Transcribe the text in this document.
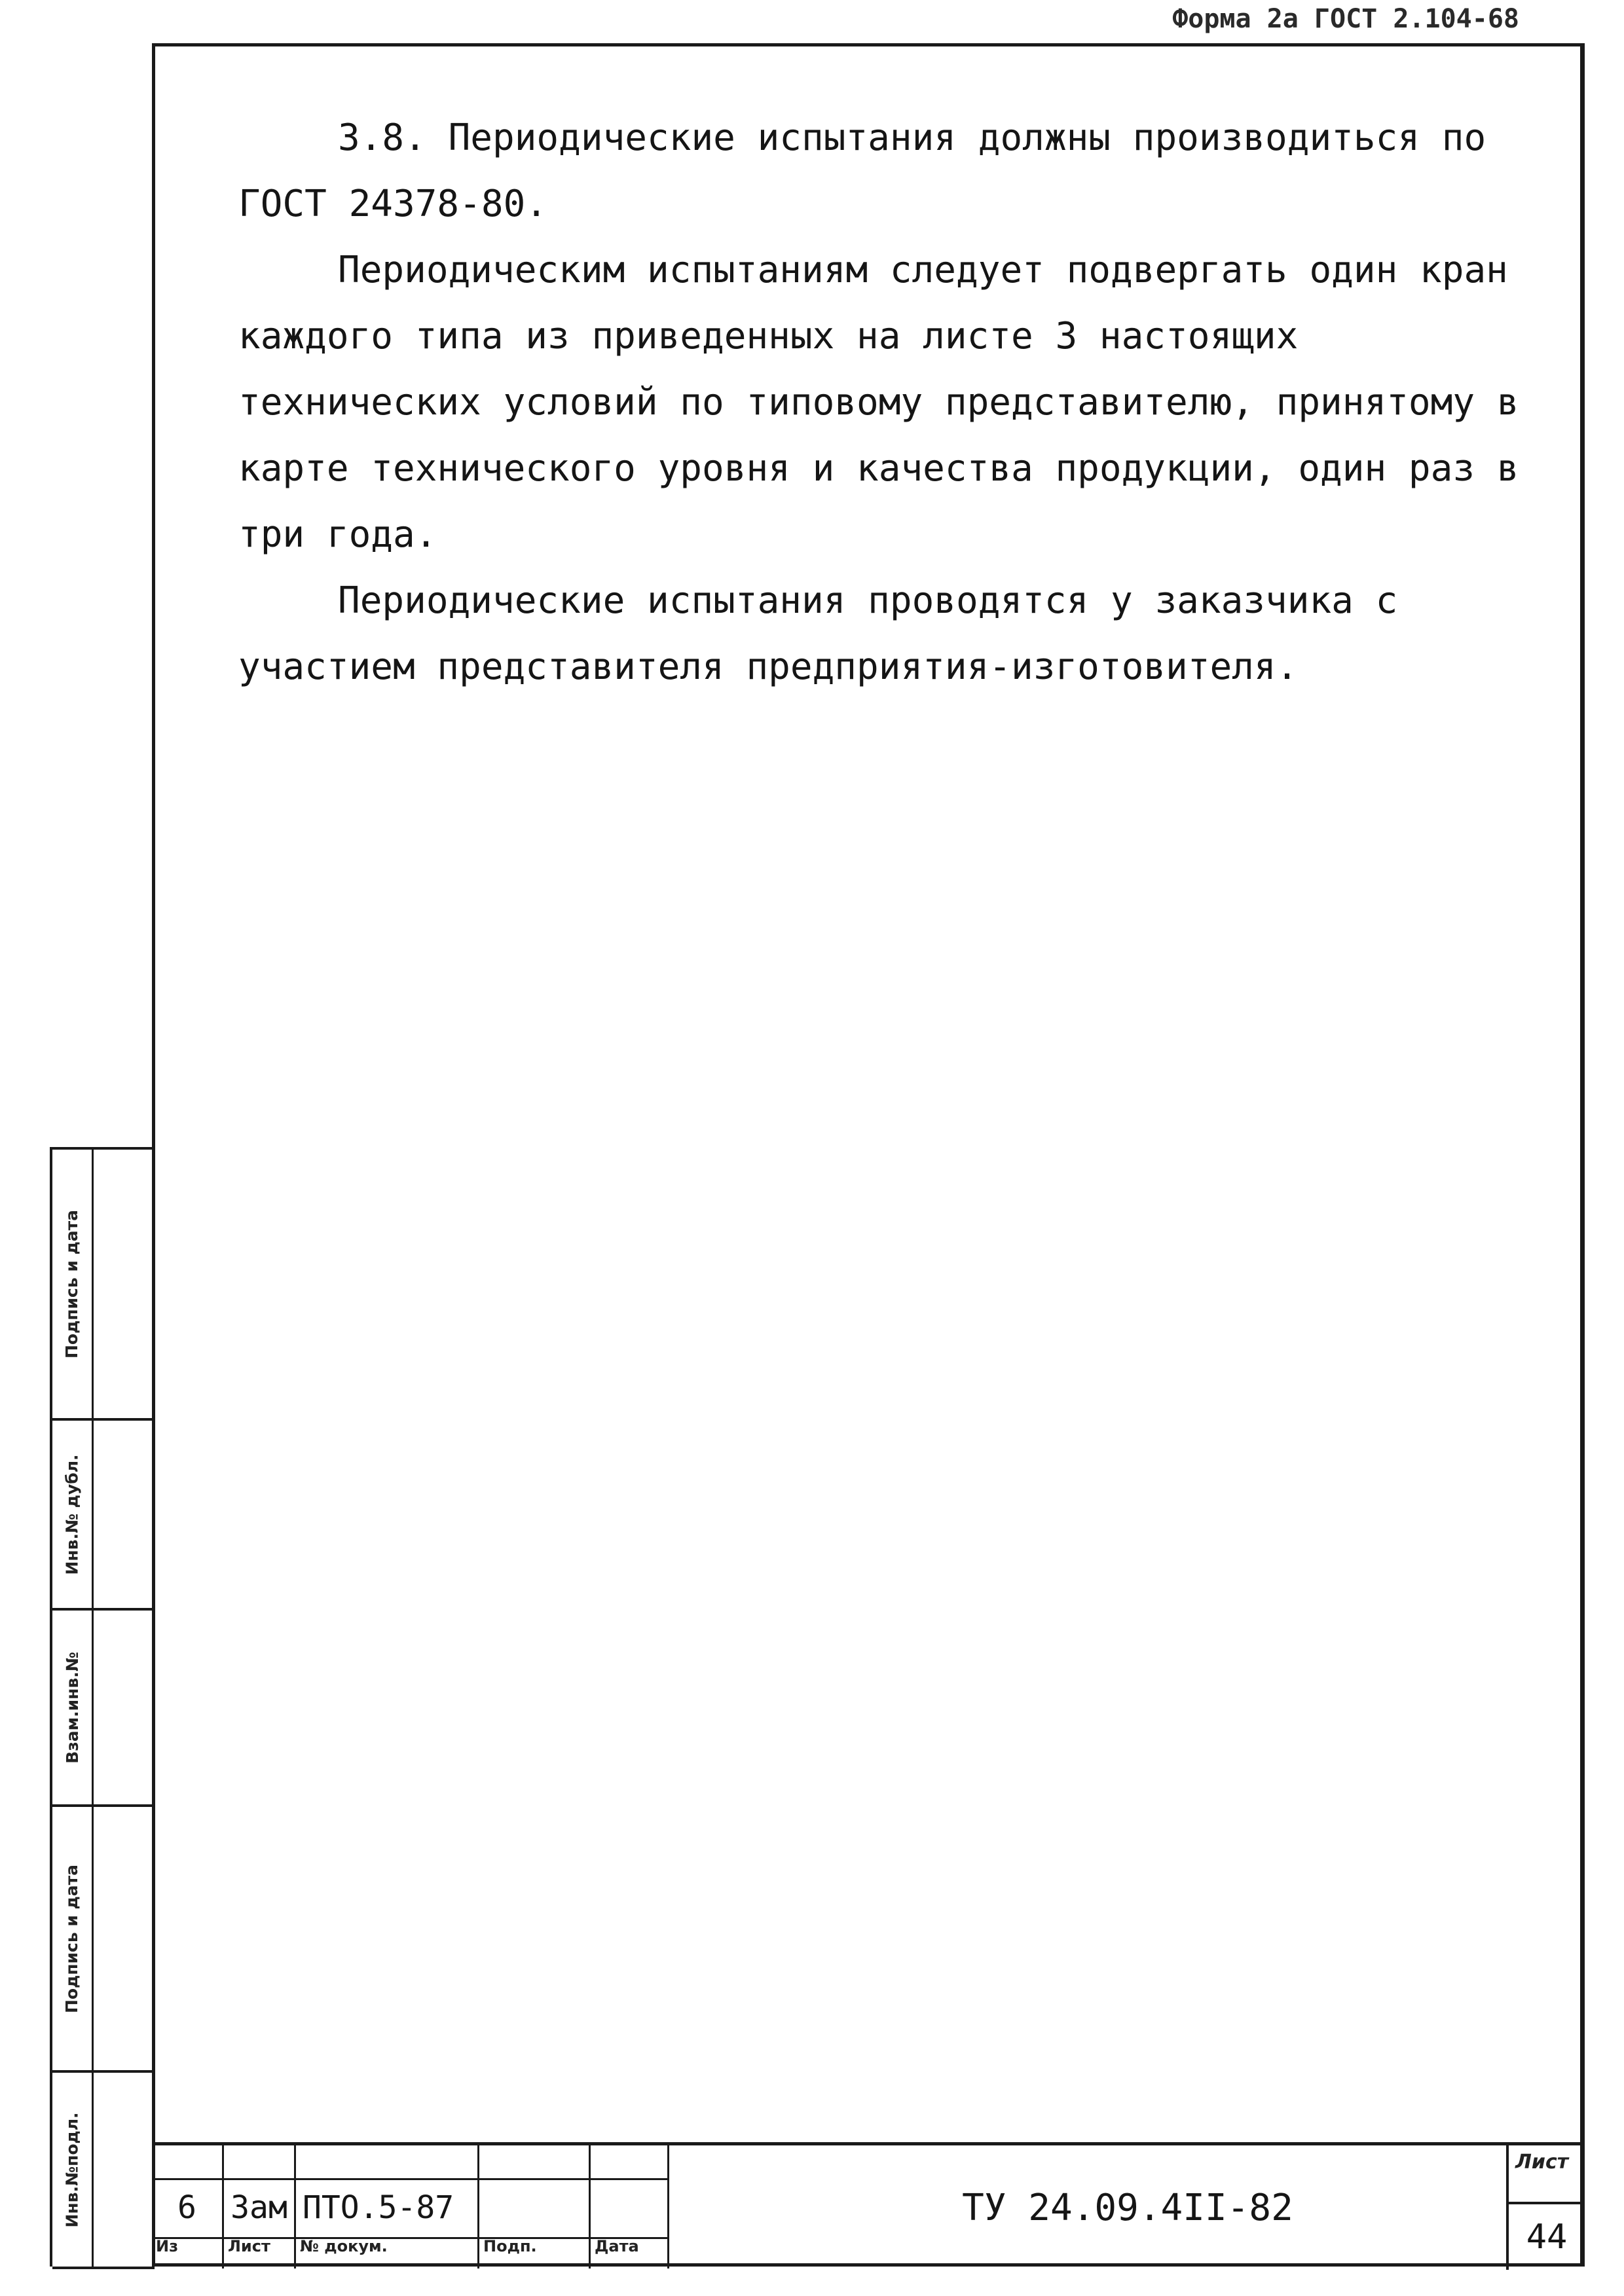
Форма 2а ГОСТ 2.104-68

3.8. Периодические испытания должны производиться по ГОСТ 24378-80.

Периодическим испытаниям следует подвергать один кран каждого типа из приведенных на листе 3 настоящих технических условий по типовому представителю, принятому в карте технического уровня и качества продукции, один раз в три года.

Периодические испытания проводятся у заказчика с участием представителя предприятия-изготовителя.

Подпись и дата
Инв.№ дубл.
Взам.инв.№
Подпись и дата
Инв.№подл.	6	Зам ПТО.5-87
Из	Лист	№ докум.	Подп.	Дата
ТУ 24.09.4II-82
Лист
44
